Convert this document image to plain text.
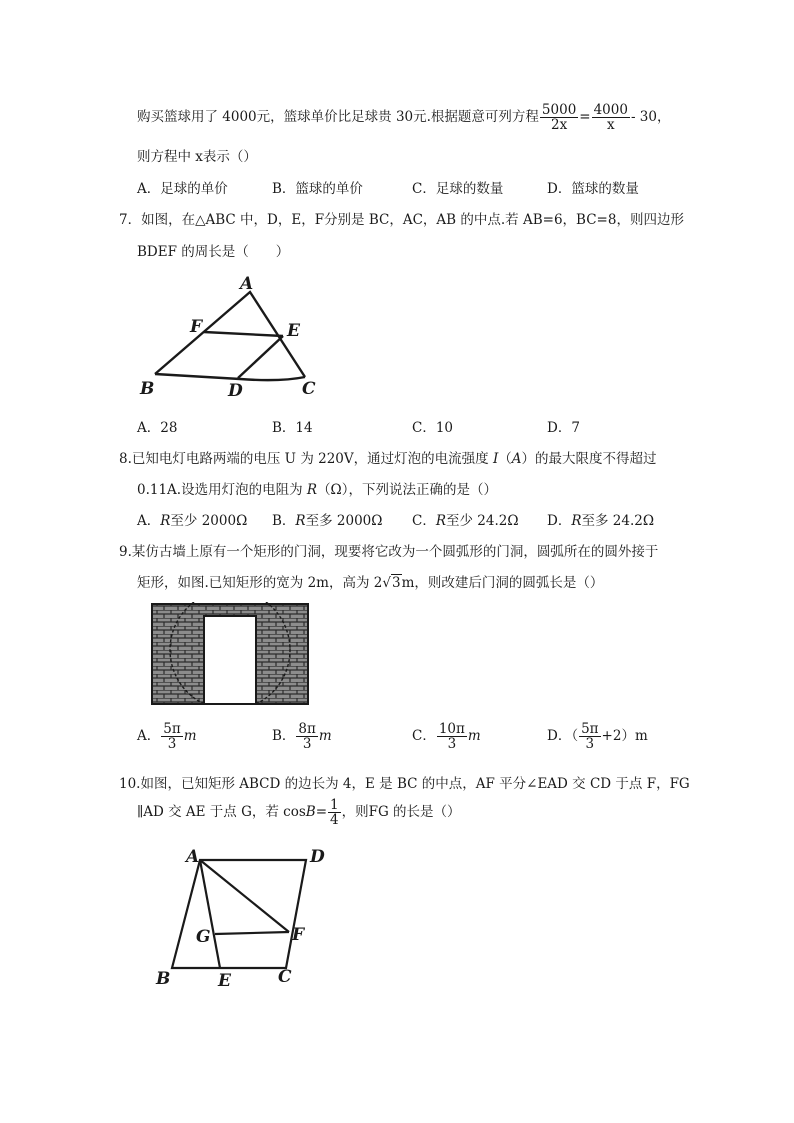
购买篮球用了 4000元，篮球单价比足球贵 30元.根据题意可列方程 $\frac{5000}{2x} = \frac{4000}{x} - 30$，
则方程中 x表示（）
A．足球的单价	B．篮球的单价	C．足球的数量	D．篮球的数量
7．如图，在△ABC 中，D，E，F分别是 BC，AC，AB 的中点.若 AB=6，BC=8，则四边形
BDEF 的周长是（　　）
A
F	E
B	D	C
A．28	B．14	C．10	D．7
8.已知电灯电路两端的电压 U 为 220V，通过灯泡的电流强度 I（A）的最大限度不得超过
0.11A.设选用灯泡的电阻为 R（Ω），下列说法正确的是（）
A．R至少 2000Ω B．R至多 2000Ω C．R至少 24.2Ω D．R至多 24.2Ω
9.某仿古墙上原有一个矩形的门洞，现要将它改为一个圆弧形的门洞，圆弧所在的圆外接于
矩形，如图.已知矩形的宽为 2m，高为 2√3m，则改建后门洞的圆弧长是（）
A． $\frac{5\pi}{3}$ m	B． $\frac{8\pi}{3}$ m	C． $\frac{10\pi}{3}$ m	D．（ $\frac{5\pi}{3} +2)m$
10.如图，已知矩形 ABCD 的边长为 4，E 是 BC 的中点，AF 平分∠EAD 交 CD 于点 F，FG
∥AD 交 AE 于点 G，若 $\cos B= \frac{1}{4}$ ，则FG 的长是（）
A	D
G	F
B	E	C
